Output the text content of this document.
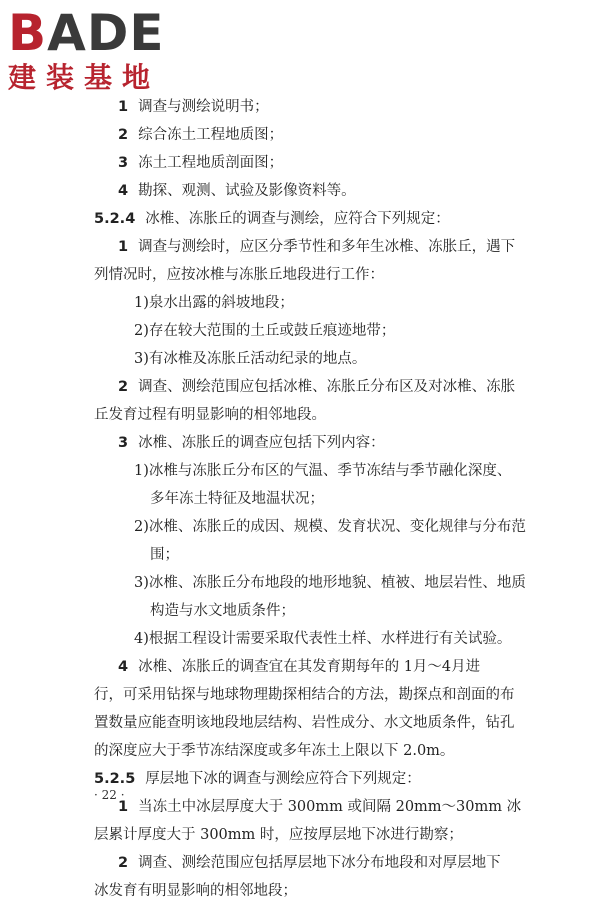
BADE
建装基地
1 调查与测绘说明书；
2 综合冻土工程地质图；
3 冻土工程地质剖面图；
4 勘探、观测、试验及影像资料等。
5.2.4 冰椎、冻胀丘的调查与测绘，应符合下列规定：
1 调查与测绘时，应区分季节性和多年生冰椎、冻胀丘，遇下
列情况时，应按冰椎与冻胀丘地段进行工作：
1)泉水出露的斜坡地段；
2)存在较大范围的土丘或鼓丘痕迹地带；
3)有冰椎及冻胀丘活动纪录的地点。
2 调查、测绘范围应包括冰椎、冻胀丘分布区及对冰椎、冻胀
丘发育过程有明显影响的相邻地段。
3 冰椎、冻胀丘的调查应包括下列内容：
1)冰椎与冻胀丘分布区的气温、季节冻结与季节融化深度、
多年冻土特征及地温状况；
2)冰椎、冻胀丘的成因、规模、发育状况、变化规律与分布范
围；
3)冰椎、冻胀丘分布地段的地形地貌、植被、地层岩性、地质
构造与水文地质条件；
4)根据工程设计需要采取代表性土样、水样进行有关试验。
4 冰椎、冻胀丘的调查宜在其发育期每年的 1月～4月进
行，可采用钻探与地球物理勘探相结合的方法，勘探点和剖面的布
置数量应能查明该地段地层结构、岩性成分、水文地质条件，钻孔
的深度应大于季节冻结深度或多年冻土上限以下 2.0m。
5.2.5 厚层地下冰的调查与测绘应符合下列规定：
1 当冻土中冰层厚度大于 300mm 或间隔 20mm～30mm 冰
层累计厚度大于 300mm 时，应按厚层地下冰进行勘察；
2 调查、测绘范围应包括厚层地下冰分布地段和对厚层地下
冰发育有明显影响的相邻地段；
· 22 ·
